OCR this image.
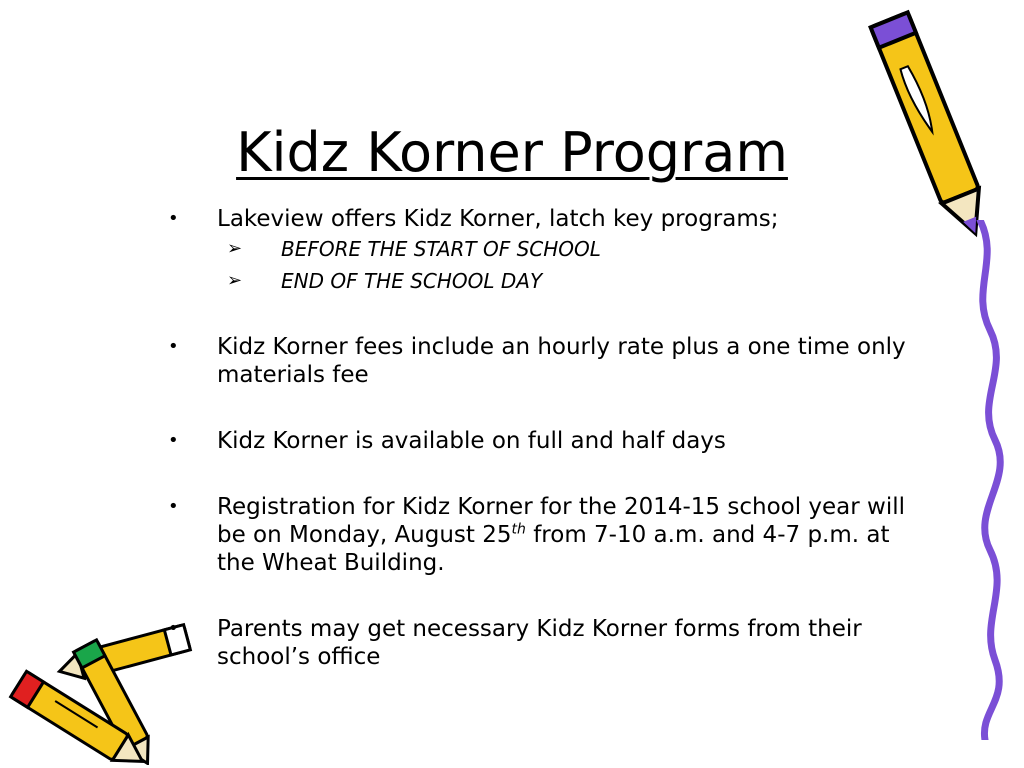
Kidz Korner Program

• Lakeview offers Kidz Korner, latch key programs;

➢ BEFORE THE START OF SCHOOL

➢ END OF THE SCHOOL DAY

• Kidz Korner fees include an hourly rate plus a one time only materials fee

• Kidz Korner is available on full and half days

• Registration for Kidz Korner for the 2014-15 school year will be on Monday, August 25th from 7-10 a.m. and 4-7 p.m. at the Wheat Building.

• Parents may get necessary Kidz Korner forms from their school’s office
